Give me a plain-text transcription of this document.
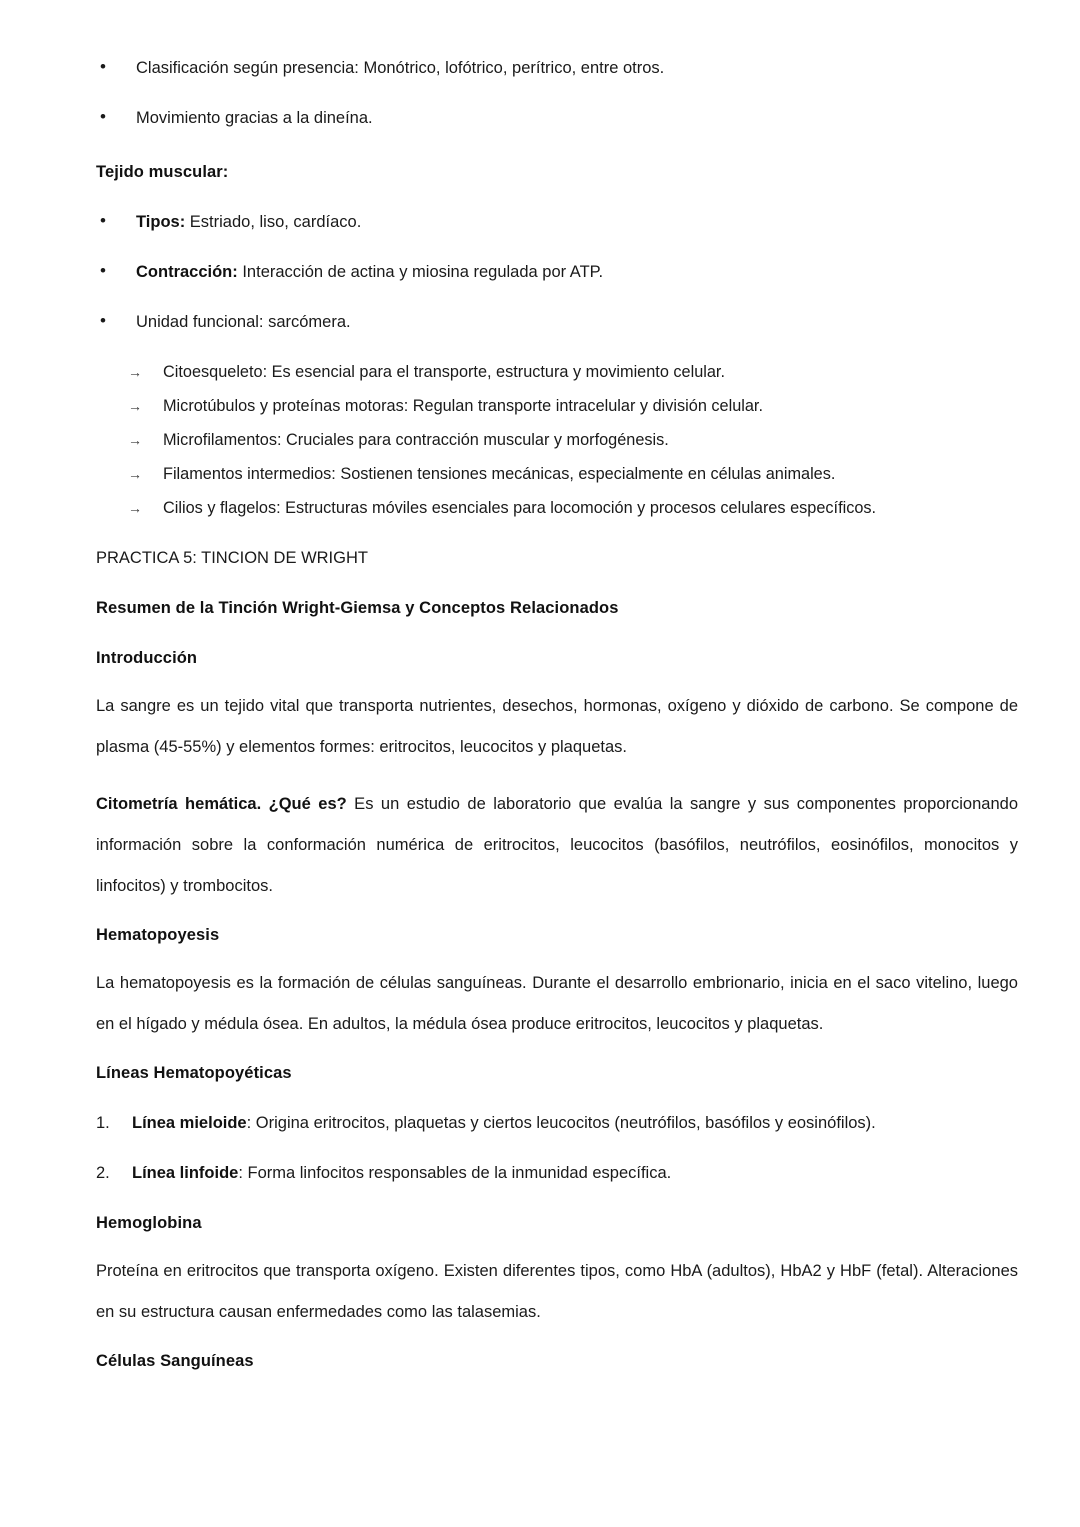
• Clasificación según presencia: Monótrico, lofótrico, perítrico, entre otros.
• Movimiento gracias a la dineína.

Tejido muscular:

• Tipos: Estriado, liso, cardíaco.
• Contracción: Interacción de actina y miosina regulada por ATP.
• Unidad funcional: sarcómera.
→ Citoesqueleto: Es esencial para el transporte, estructura y movimiento celular.
→ Microtúbulos y proteínas motoras: Regulan transporte intracelular y división celular.
→ Microfilamentos: Cruciales para contracción muscular y morfogénesis.
→ Filamentos intermedios: Sostienen tensiones mecánicas, especialmente en células animales.
→ Cilios y flagelos: Estructuras móviles esenciales para locomoción y procesos celulares específicos.

PRACTICA 5: TINCION DE WRIGHT

Resumen de la Tinción Wright-Giemsa y Conceptos Relacionados

Introducción

La sangre es un tejido vital que transporta nutrientes, desechos, hormonas, oxígeno y dióxido de carbono. Se compone de plasma (45-55%) y elementos formes: eritrocitos, leucocitos y plaquetas.

Citometría hemática. ¿Qué es? Es un estudio de laboratorio que evalúa la sangre y sus componentes proporcionando información sobre la conformación numérica de eritrocitos, leucocitos (basófilos, neutrófilos, eosinófilos, monocitos y linfocitos) y trombocitos.

Hematopoyesis

La hematopoyesis es la formación de células sanguíneas. Durante el desarrollo embrionario, inicia en el saco vitelino, luego en el hígado y médula ósea. En adultos, la médula ósea produce eritrocitos, leucocitos y plaquetas.

Líneas Hematopoyéticas

1. Línea mieloide: Origina eritrocitos, plaquetas y ciertos leucocitos (neutrófilos, basófilos y eosinófilos).
2. Línea linfoide: Forma linfocitos responsables de la inmunidad específica.

Hemoglobina

Proteína en eritrocitos que transporta oxígeno. Existen diferentes tipos, como HbA (adultos), HbA2 y HbF (fetal). Alteraciones en su estructura causan enfermedades como las talasemias.

Células Sanguíneas
